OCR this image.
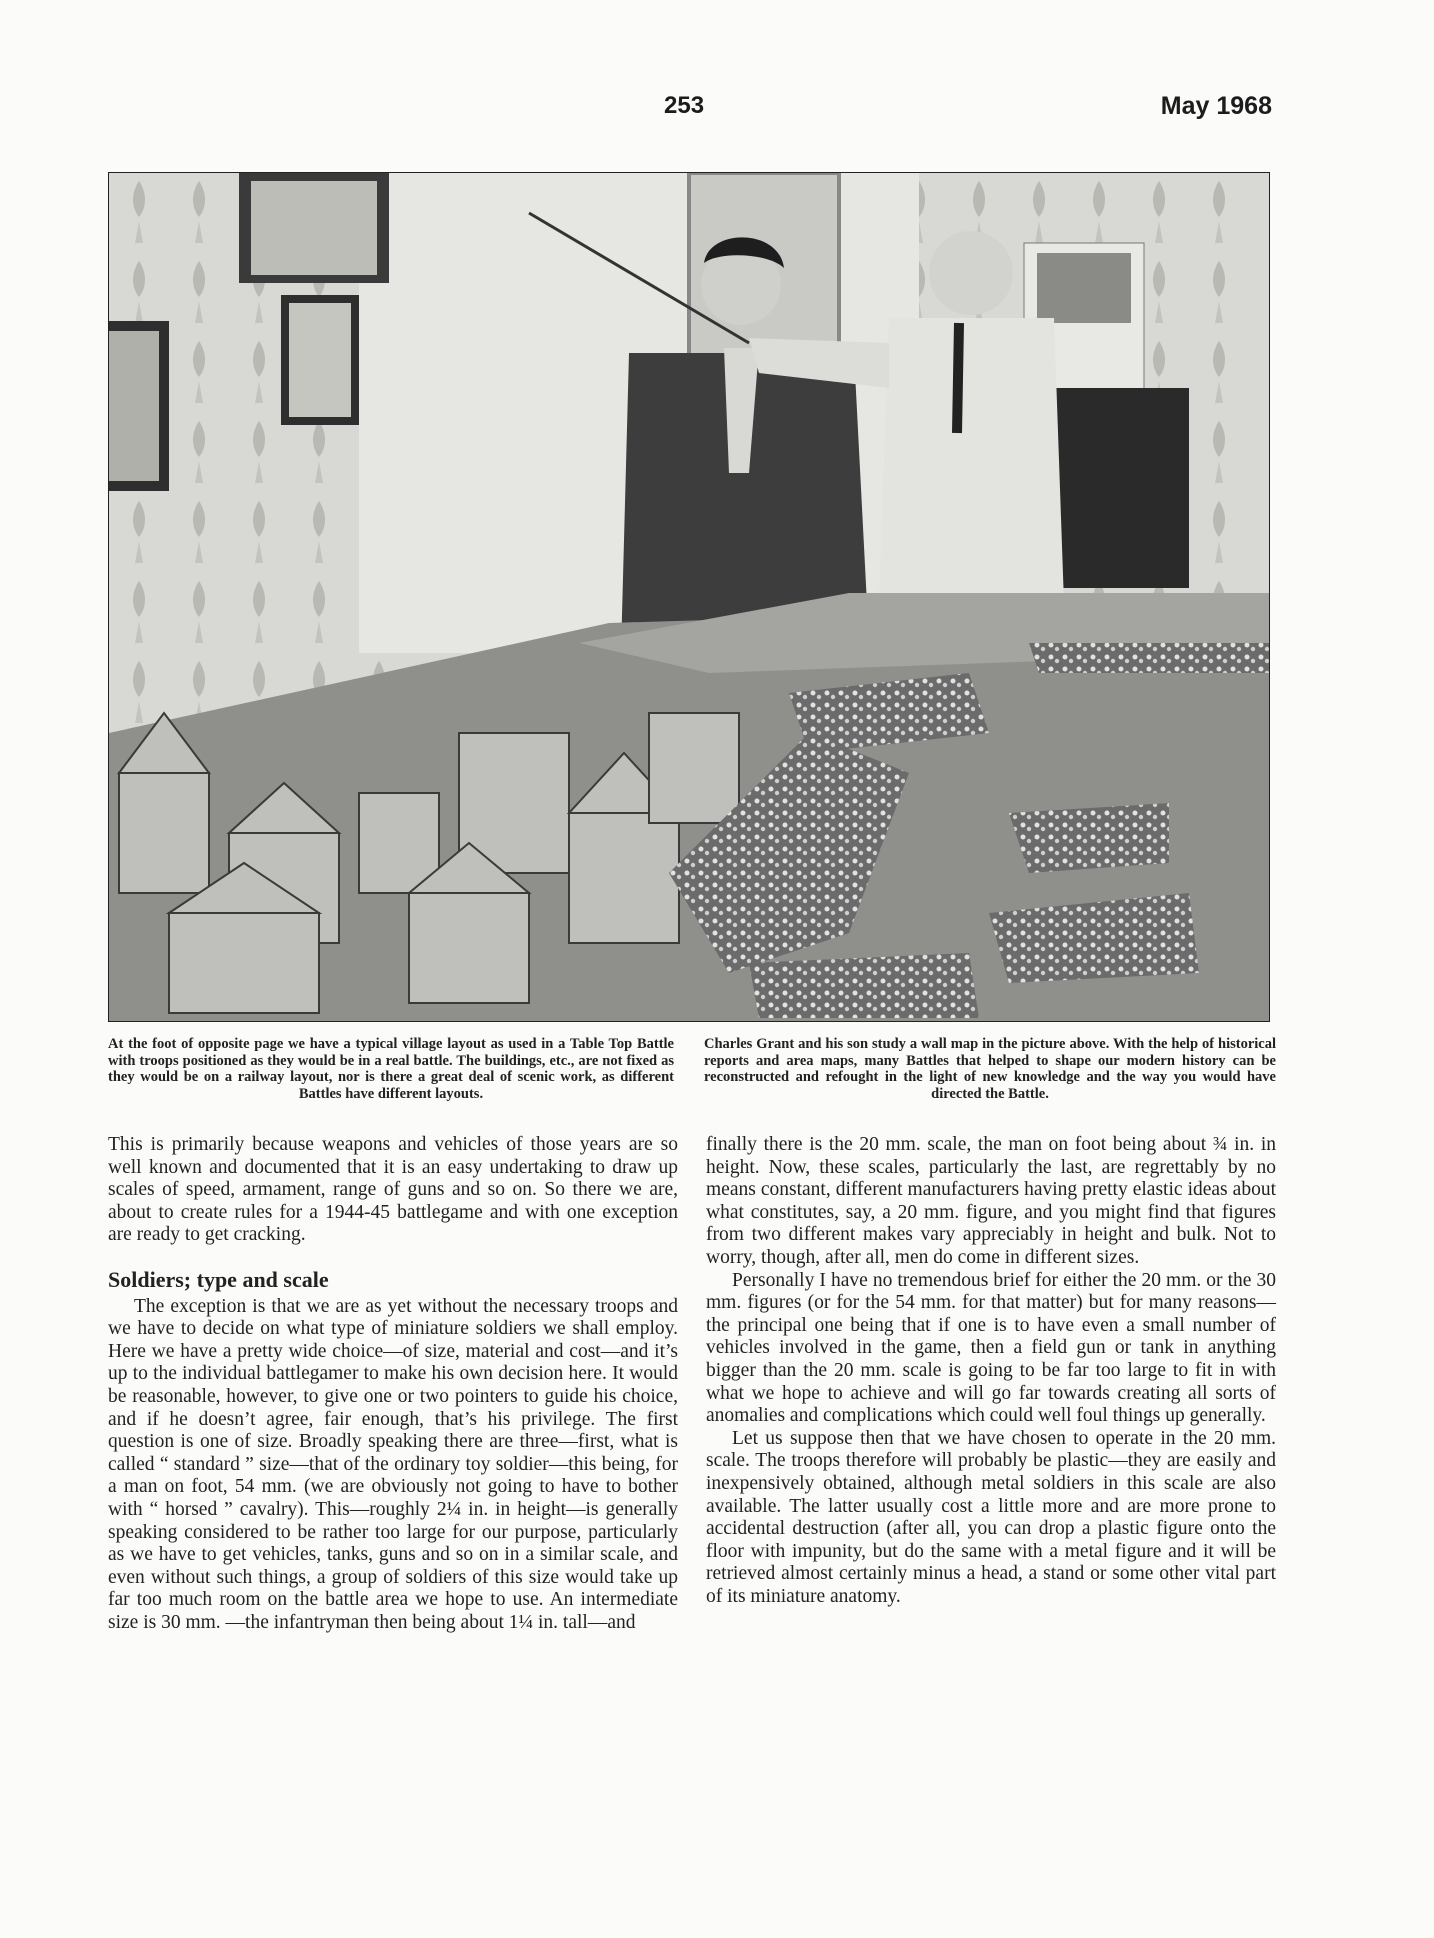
253	May 1968
At the foot of opposite page we have a typical village layout as used in a Table Top Battle with troops positioned as they would be in a real battle. The buildings, etc., are not fixed as they would be on a railway layout, nor is there a great deal of scenic work, as different Battles have different layouts.
Charles Grant and his son study a wall map in the picture above. With the help of historical reports and area maps, many Battles that helped to shape our modern history can be reconstructed and refought in the light of new knowledge and the way you would have directed the Battle.

This is primarily because weapons and vehicles of those years are so well known and documented that it is an easy undertaking to draw up scales of speed, armament, range of guns and so on. So there we are, about to create rules for a 1944-45 battlegame and with one exception are ready to get cracking.

Soldiers; type and scale

The exception is that we are as yet without the necessary troops and we have to decide on what type of miniature soldiers we shall employ. Here we have a pretty wide choice—of size, material and cost—and it’s up to the individual battlegamer to make his own decision here. It would be reasonable, however, to give one or two pointers to guide his choice, and if he doesn’t agree, fair enough, that’s his privilege. The first question is one of size. Broadly speaking there are three—first, what is called “ standard ” size—that of the ordinary toy soldier—this being, for a man on foot, 54 mm. (we are obviously not going to have to bother with “ horsed ” cavalry). This—roughly 2¼ in. in height—is generally speaking considered to be rather too large for our purpose, particularly as we have to get vehicles, tanks, guns and so on in a similar scale, and even without such things, a group of soldiers of this size would take up far too much room on the battle area we hope to use. An intermediate size is 30 mm. —the infantryman then being about 1¼ in. tall—and

finally there is the 20 mm. scale, the man on foot being about ¾ in. in height. Now, these scales, particularly the last, are regrettably by no means constant, different manufacturers having pretty elastic ideas about what constitutes, say, a 20 mm. figure, and you might find that figures from two different makes vary appreciably in height and bulk. Not to worry, though, after all, men do come in different sizes.

Personally I have no tremendous brief for either the 20 mm. or the 30 mm. figures (or for the 54 mm. for that matter) but for many reasons—the principal one being that if one is to have even a small number of vehicles involved in the game, then a field gun or tank in anything bigger than the 20 mm. scale is going to be far too large to fit in with what we hope to achieve and will go far towards creating all sorts of anomalies and complications which could well foul things up generally.

Let us suppose then that we have chosen to operate in the 20 mm. scale. The troops therefore will probably be plastic—they are easily and inexpensively obtained, although metal soldiers in this scale are also available. The latter usually cost a little more and are more prone to accidental destruction (after all, you can drop a plastic figure onto the floor with impunity, but do the same with a metal figure and it will be retrieved almost certainly minus a head, a stand or some other vital part of its miniature anatomy.
